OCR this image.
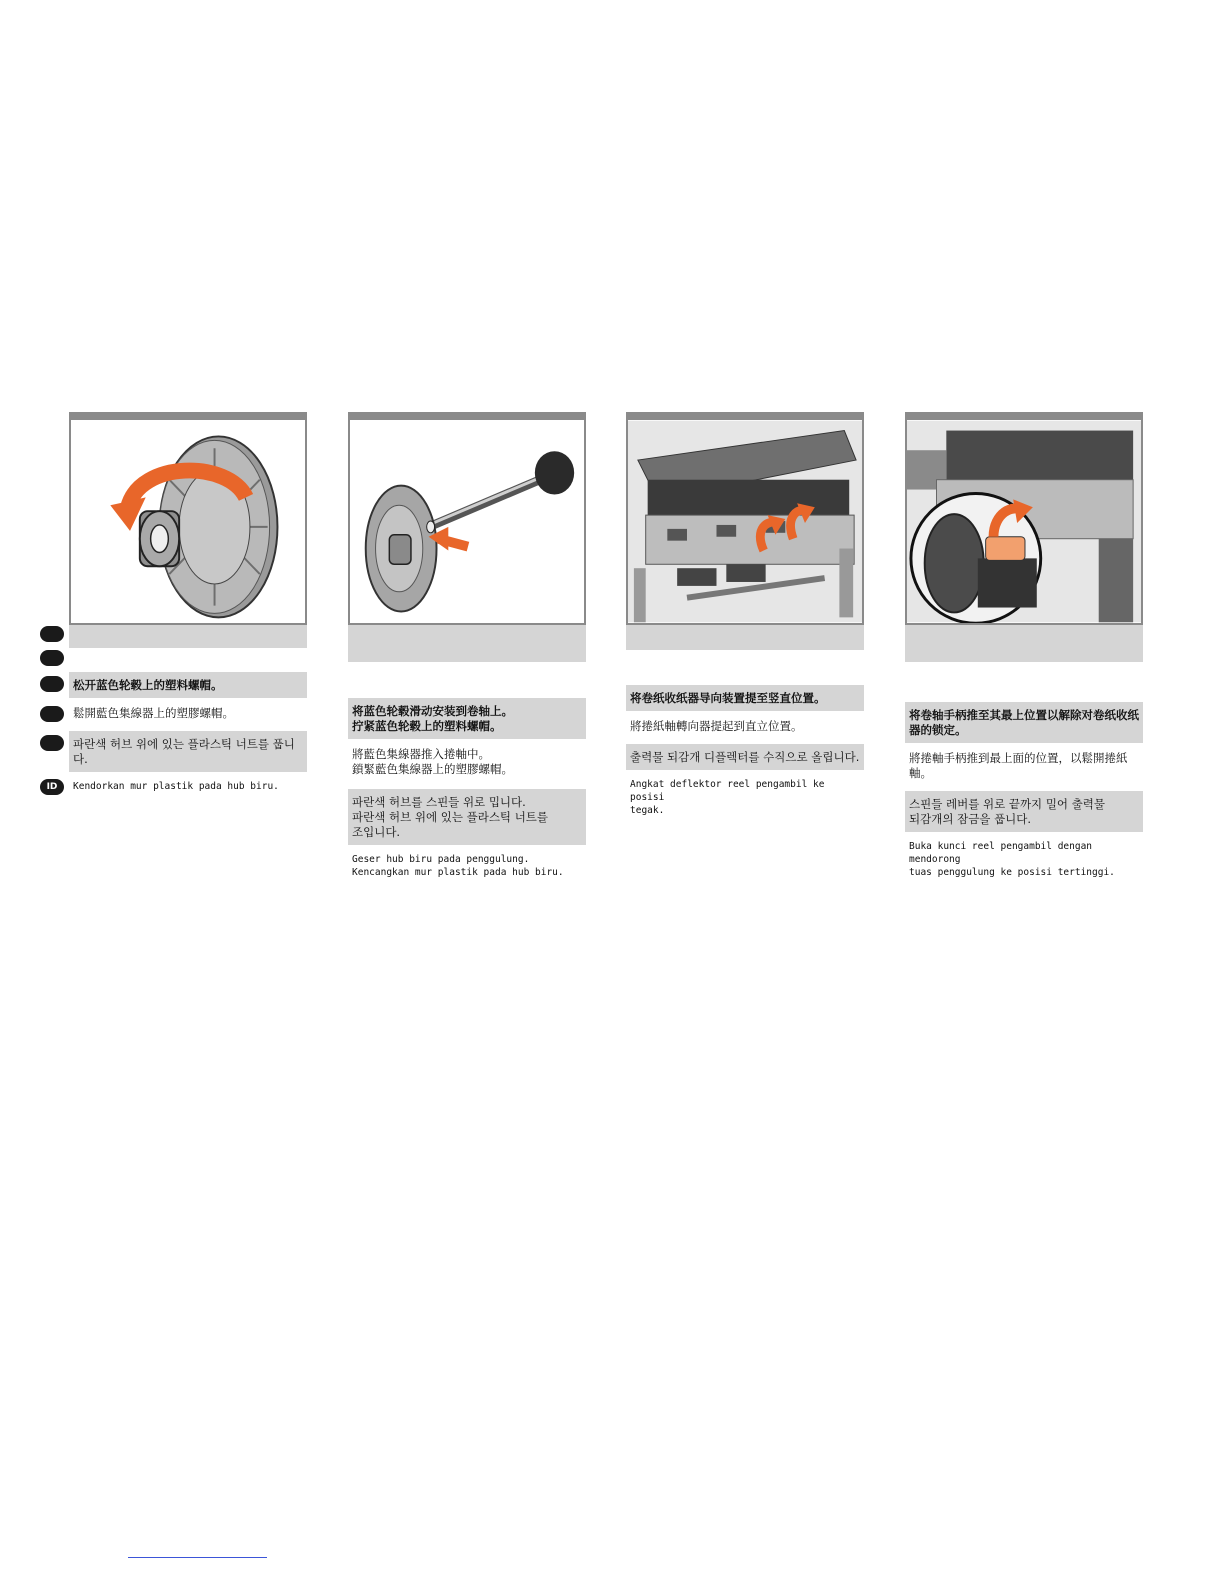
松开蓝色轮毂上的塑料螺帽。
鬆開藍色集線器上的塑膠螺帽。
파란색 허브 위에 있는 플라스틱 너트를 풉니다.
ID	Kendorkan mur plastik pada hub biru.
将蓝色轮毂滑动安装到卷轴上。
拧紧蓝色轮毂上的塑料螺帽。
將藍色集線器推入捲軸中。
鎖緊藍色集線器上的塑膠螺帽。
파란색 허브를 스핀들 위로 밉니다.
파란색 허브 위에 있는 플라스틱 너트를
조입니다.
Geser hub biru pada penggulung.
Kencangkan mur plastik pada hub biru.
将卷纸收纸器导向装置提至竖直位置。
將捲紙軸轉向器提起到直立位置。
출력물 되감개 디플렉터를 수직으로 올립니다.
Angkat deflektor reel pengambil ke posisi
tegak.
将卷轴手柄推至其最上位置以解除对卷纸收纸
器的锁定。
將捲軸手柄推到最上面的位置，以鬆開捲紙軸。
스핀들 레버를 위로 끝까지 밀어 출력물
되감개의 잠금을 풉니다.
Buka kunci reel pengambil dengan mendorong
tuas penggulung ke posisi tertinggi.
